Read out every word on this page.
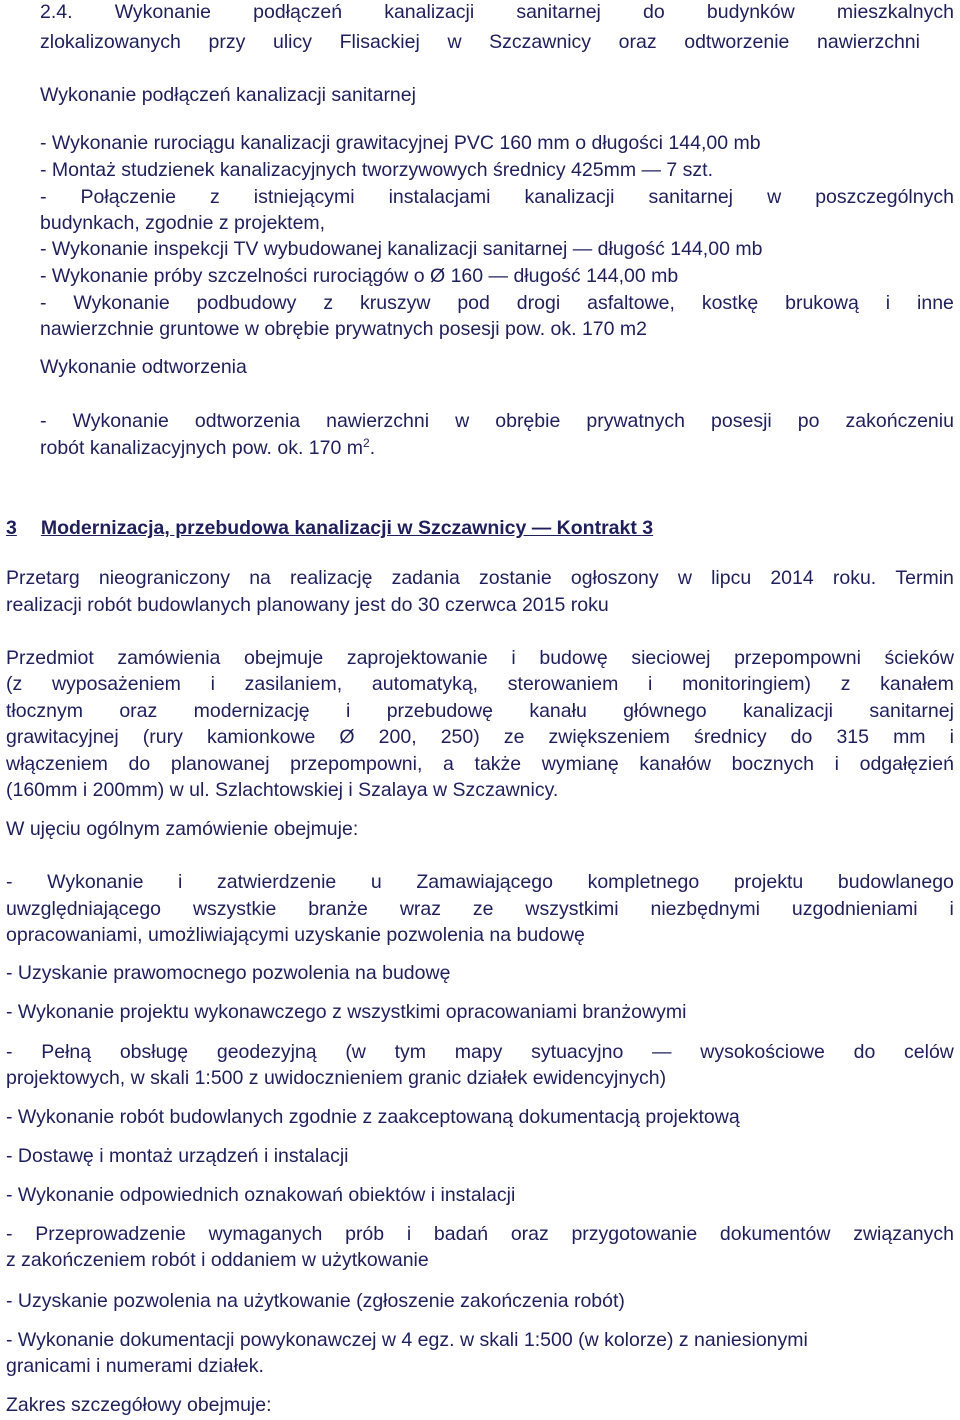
2.4. Wykonanie podłączeń kanalizacji sanitarnej do budynków mieszkalnych
zlokalizowanych przy ulicy Flisackiej w Szczawnicy oraz odtworzenie nawierzchni
Wykonanie podłączeń kanalizacji sanitarnej
- Wykonanie rurociągu kanalizacji grawitacyjnej PVC 160 mm o długości 144,00 mb
- Montaż studzienek kanalizacyjnych tworzywowych średnicy 425mm — 7 szt.
- Połączenie z istniejącymi instalacjami kanalizacji sanitarnej w poszczególnych
budynkach, zgodnie z projektem,
- Wykonanie inspekcji TV wybudowanej kanalizacji sanitarnej — długość 144,00 mb
- Wykonanie próby szczelności rurociągów o Ø 160 — długość 144,00 mb
- Wykonanie podbudowy z kruszyw pod drogi asfaltowe, kostkę brukową i inne
nawierzchnie gruntowe w obrębie prywatnych posesji pow. ok. 170 m2
Wykonanie odtworzenia
- Wykonanie odtworzenia nawierzchni w obrębie prywatnych posesji po zakończeniu
robót kanalizacyjnych pow. ok. 170 $m^2$.
3 Modernizacja, przebudowa kanalizacji w Szczawnicy — Kontrakt 3
Przetarg nieograniczony na realizację zadania zostanie ogłoszony w lipcu 2014 roku. Termin
realizacji robót budowlanych planowany jest do 30 czerwca 2015 roku
Przedmiot zamówienia obejmuje zaprojektowanie i budowę sieciowej przepompowni ścieków
(z wyposażeniem i zasilaniem, automatyką, sterowaniem i monitoringiem) z kanałem
tłocznym oraz modernizację i przebudowę kanału głównego kanalizacji sanitarnej
grawitacyjnej (rury kamionkowe Ø 200, 250) ze zwiększeniem średnicy do 315 mm i
włączeniem do planowanej przepompowni, a także wymianę kanałów bocznych i odgałęzień
(160mm i 200mm) w ul. Szlachtowskiej i Szalaya w Szczawnicy.
W ujęciu ogólnym zamówienie obejmuje:
- Wykonanie i zatwierdzenie u Zamawiającego kompletnego projektu budowlanego
uwzględniającego wszystkie branże wraz ze wszystkimi niezbędnymi uzgodnieniami i
opracowaniami, umożliwiającymi uzyskanie pozwolenia na budowę
- Uzyskanie prawomocnego pozwolenia na budowę
- Wykonanie projektu wykonawczego z wszystkimi opracowaniami branżowymi
- Pełną obsługę geodezyjną (w tym mapy sytuacyjno — wysokościowe do celów
projektowych, w skali 1:500 z uwidocznieniem granic działek ewidencyjnych)
- Wykonanie robót budowlanych zgodnie z zaakceptowaną dokumentacją projektową
- Dostawę i montaż urządzeń i instalacji
- Wykonanie odpowiednich oznakowań obiektów i instalacji
- Przeprowadzenie wymaganych prób i badań oraz przygotowanie dokumentów związanych
z zakończeniem robót i oddaniem w użytkowanie
- Uzyskanie pozwolenia na użytkowanie (zgłoszenie zakończenia robót)
- Wykonanie dokumentacji powykonawczej w 4 egz. w skali 1:500 (w kolorze) z naniesionymi
granicami i numerami działek.
Zakres szczegółowy obejmuje:
